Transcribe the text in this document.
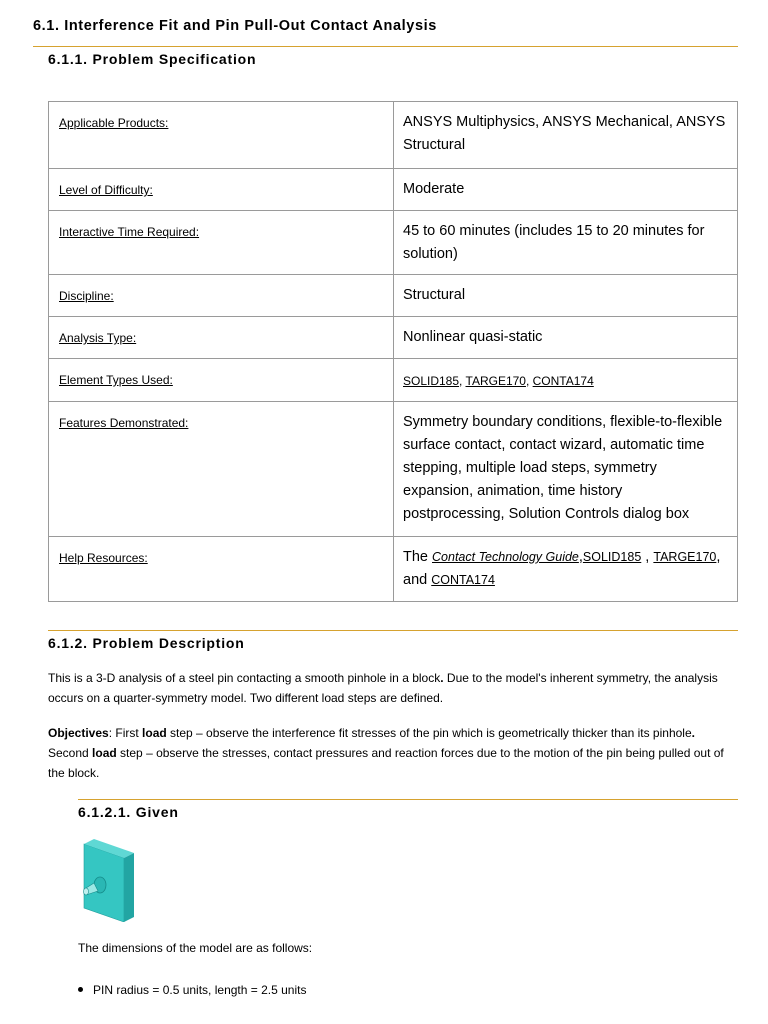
6.1. Interference Fit and Pin Pull-Out Contact Analysis
6.1.1. Problem Specification
Applicable Products:	ANSYS Multiphysics, ANSYS Mechanical, ANSYS Structural

Level of Difficulty:	Moderate

Interactive Time Required:	45 to 60 minutes (includes 15 to 20 minutes for solution)

Discipline:	Structural

Analysis Type:	Nonlinear quasi-static

Element Types Used:	SOLID185, TARGE170, CONTA174

Features Demonstrated:	Symmetry boundary conditions, flexible-to-flexible surface contact, contact wizard, automatic time stepping, multiple load steps, symmetry expansion, animation, time history postprocessing, Solution Controls dialog box

Help Resources:	The Contact Technology Guide,SOLID185 , TARGE170,
and CONTA174
6.1.2. Problem Description
This is a 3-D analysis of a steel pin contacting a smooth pinhole in a block. Due to the model's inherent symmetry, the analysis occurs on a quarter-symmetry model. Two different load steps are defined.
Objectives: First load step – observe the interference fit stresses of the pin which is geometrically thicker than its pinhole. Second load step – observe the stresses, contact pressures and reaction forces due to the motion of the pin being pulled out of the block.
6.1.2.1. Given
The dimensions of the model are as follows:
PIN radius = 0.5 units, length = 2.5 units
